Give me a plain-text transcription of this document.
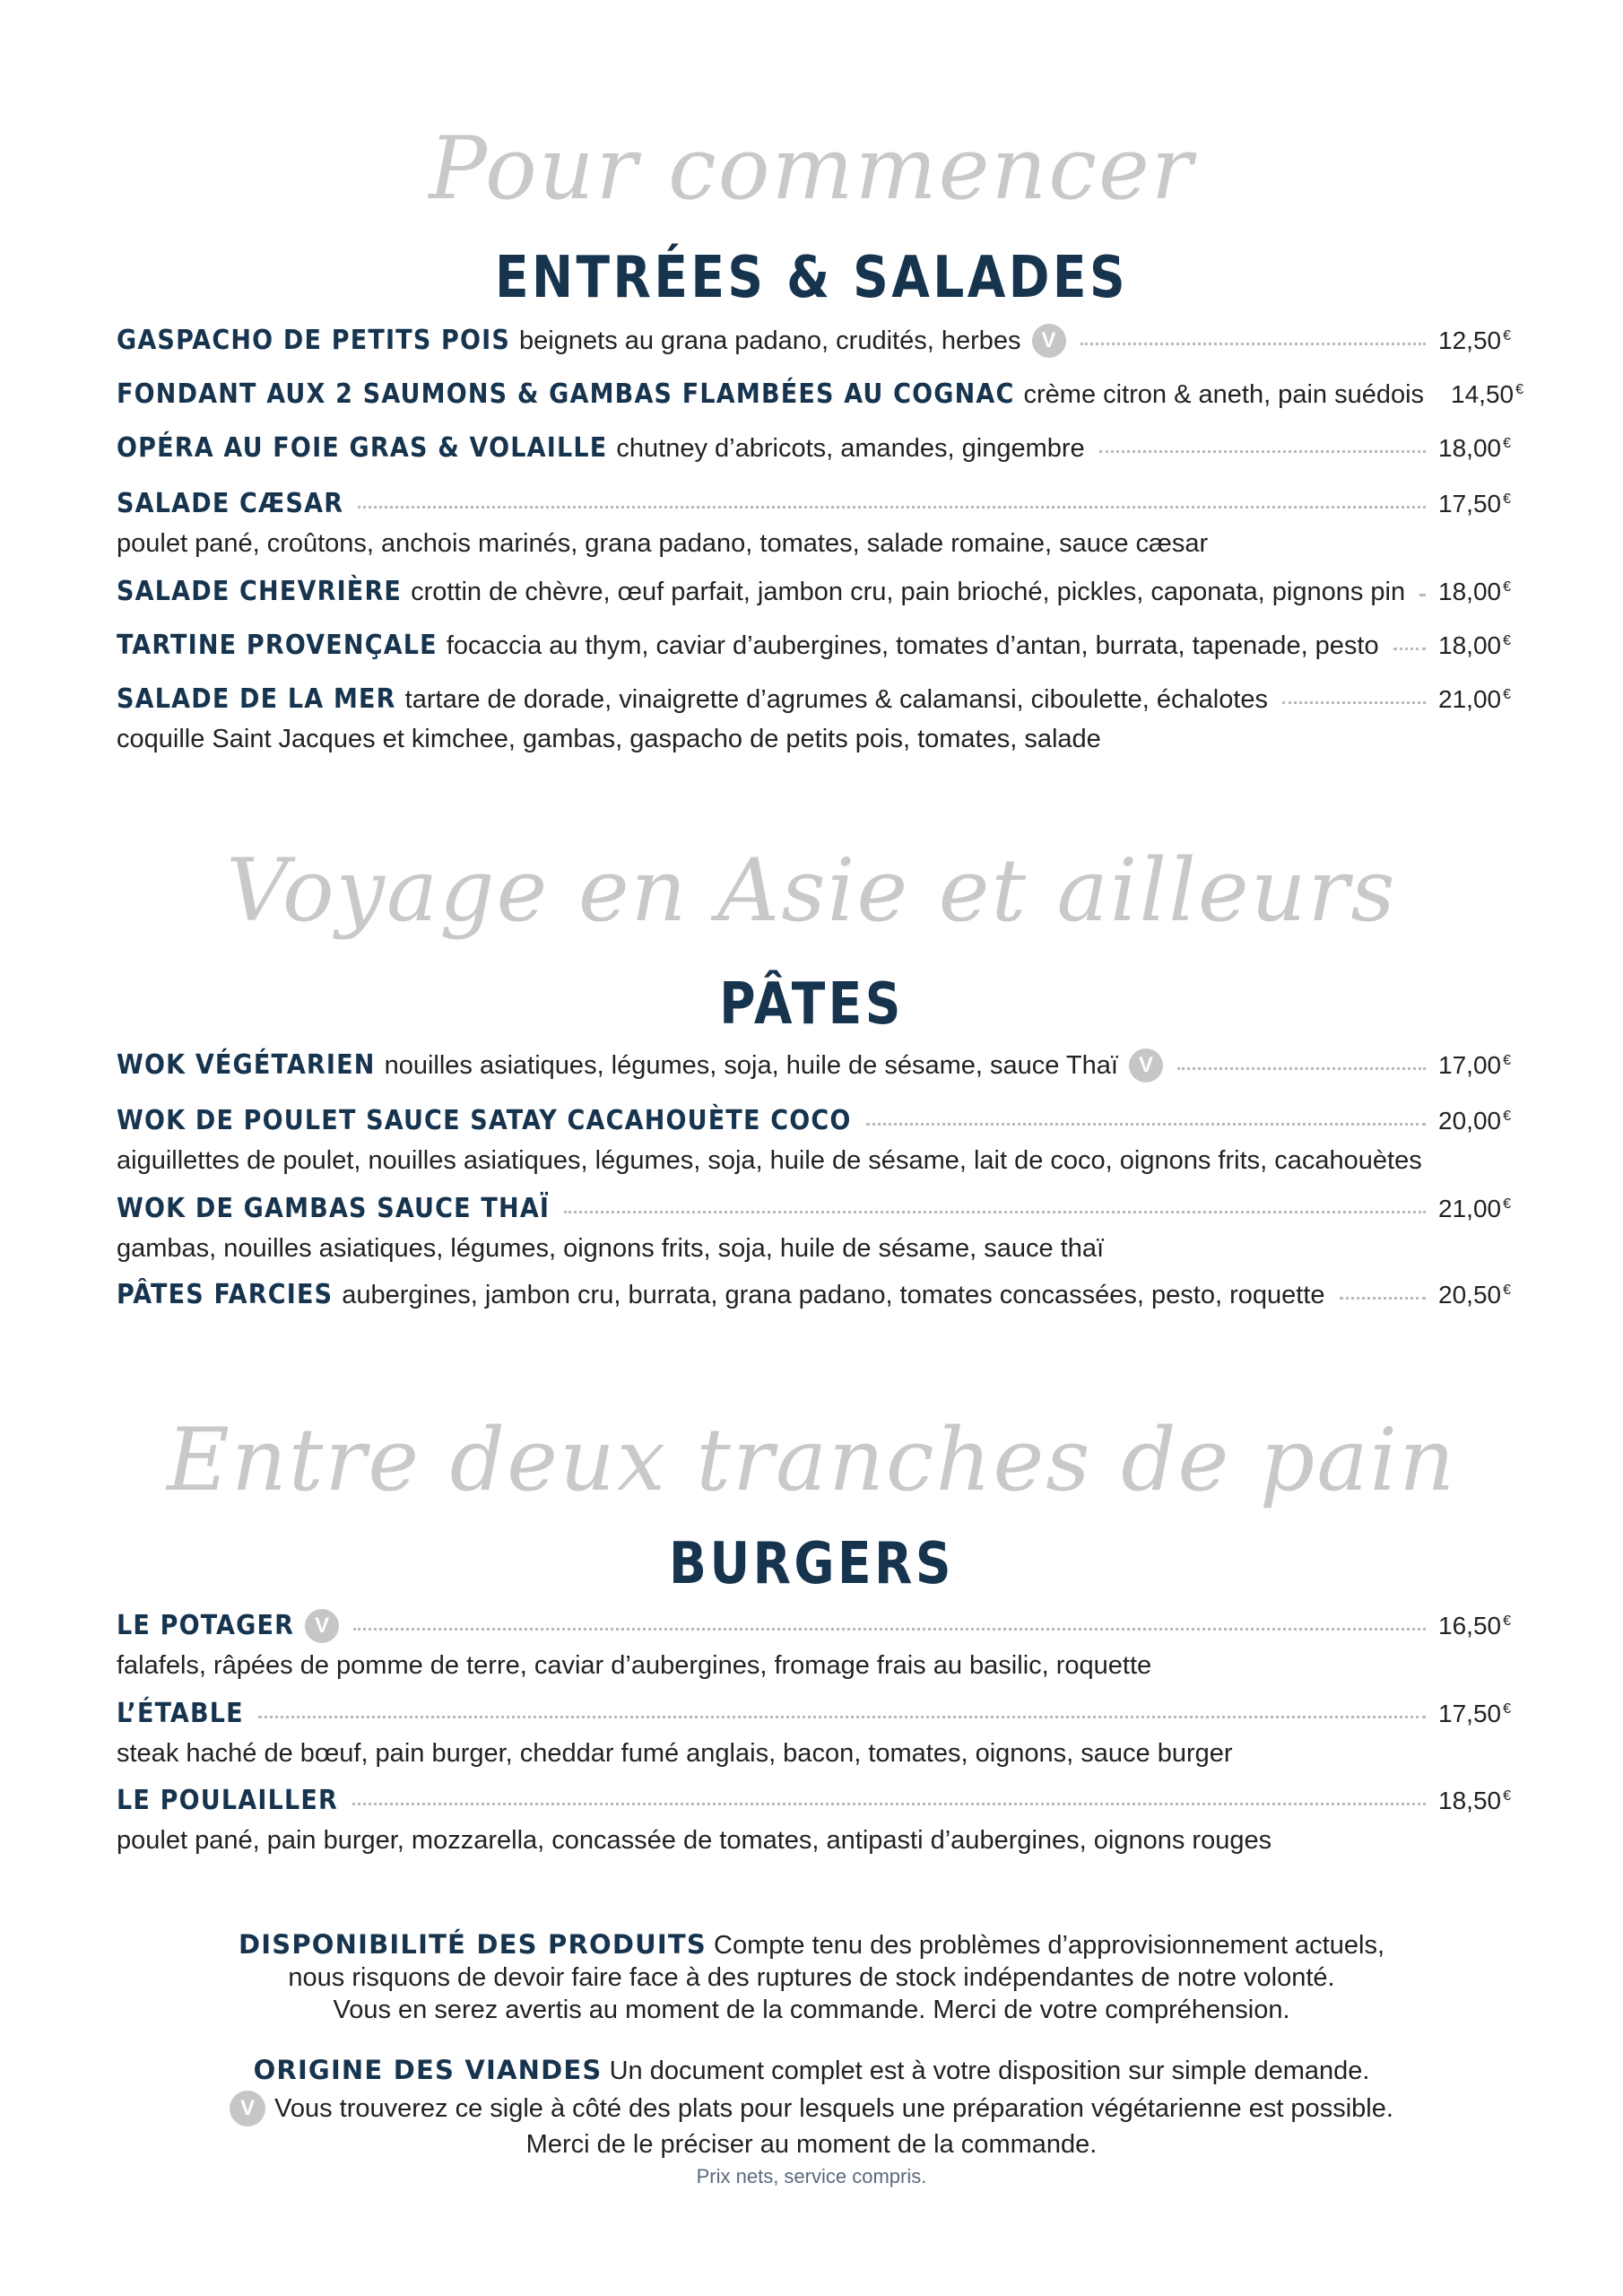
Pour commencer
ENTRÉES & SALADES
GASPACHO DE PETITS POIS beignets au grana padano, crudités, herbes V	12,50 €
FONDANT AUX 2 SAUMONS & GAMBAS FLAMBÉES AU COGNAC crème citron & aneth, pain suédois 14,50 €
OPÉRA AU FOIE GRAS & VOLAILLE chutney d’abricots, amandes, gingembre	18,00 €
SALADE CÆSAR	17,50 €
poulet pané, croûtons, anchois marinés, grana padano, tomates, salade romaine, sauce cæsar
SALADE CHEVRIÈRE crottin de chèvre, œuf parfait, jambon cru, pain brioché, pickles, caponata, pignons pin 18,00 €
TARTINE PROVENÇALE focaccia au thym, caviar d’aubergines, tomates d’antan, burrata, tapenade, pesto 18,00 €
SALADE DE LA MER tartare de dorade, vinaigrette d’agrumes & calamansi, ciboulette, échalotes	21,00 €
coquille Saint Jacques et kimchee, gambas, gaspacho de petits pois, tomates, salade
Voyage en Asie et ailleurs
PÂTES
WOK VÉGÉTARIEN nouilles asiatiques, légumes, soja, huile de sésame, sauce Thaï V	17,00 €
WOK DE POULET SAUCE SATAY CACAHOUÈTE COCO	20,00 €
aiguillettes de poulet, nouilles asiatiques, légumes, soja, huile de sésame, lait de coco, oignons frits, cacahouètes
WOK DE GAMBAS SAUCE THAÏ	21,00 €
gambas, nouilles asiatiques, légumes, oignons frits, soja, huile de sésame, sauce thaï
PÂTES FARCIES aubergines, jambon cru, burrata, grana padano, tomates concassées, pesto, roquette	20,50 €
Entre deux tranches de pain
BURGERS
LE POTAGER V	16,50 €
falafels, râpées de pomme de terre, caviar d’aubergines, fromage frais au basilic, roquette
L’ÉTABLE	17,50 €
steak haché de bœuf, pain burger, cheddar fumé anglais, bacon, tomates, oignons, sauce burger
LE POULAILLER	18,50 €
poulet pané, pain burger, mozzarella, concassée de tomates, antipasti d’aubergines, oignons rouges
DISPONIBILITÉ DES PRODUITS Compte tenu des problèmes d’approvisionnement actuels,
nous risquons de devoir faire face à des ruptures de stock indépendantes de notre volonté.
Vous en serez avertis au moment de la commande. Merci de votre compréhension.
ORIGINE DES VIANDES Un document complet est à votre disposition sur simple demande.
V Vous trouverez ce sigle à côté des plats pour lesquels une préparation végétarienne est possible.
Merci de le préciser au moment de la commande.
Prix nets, service compris.
